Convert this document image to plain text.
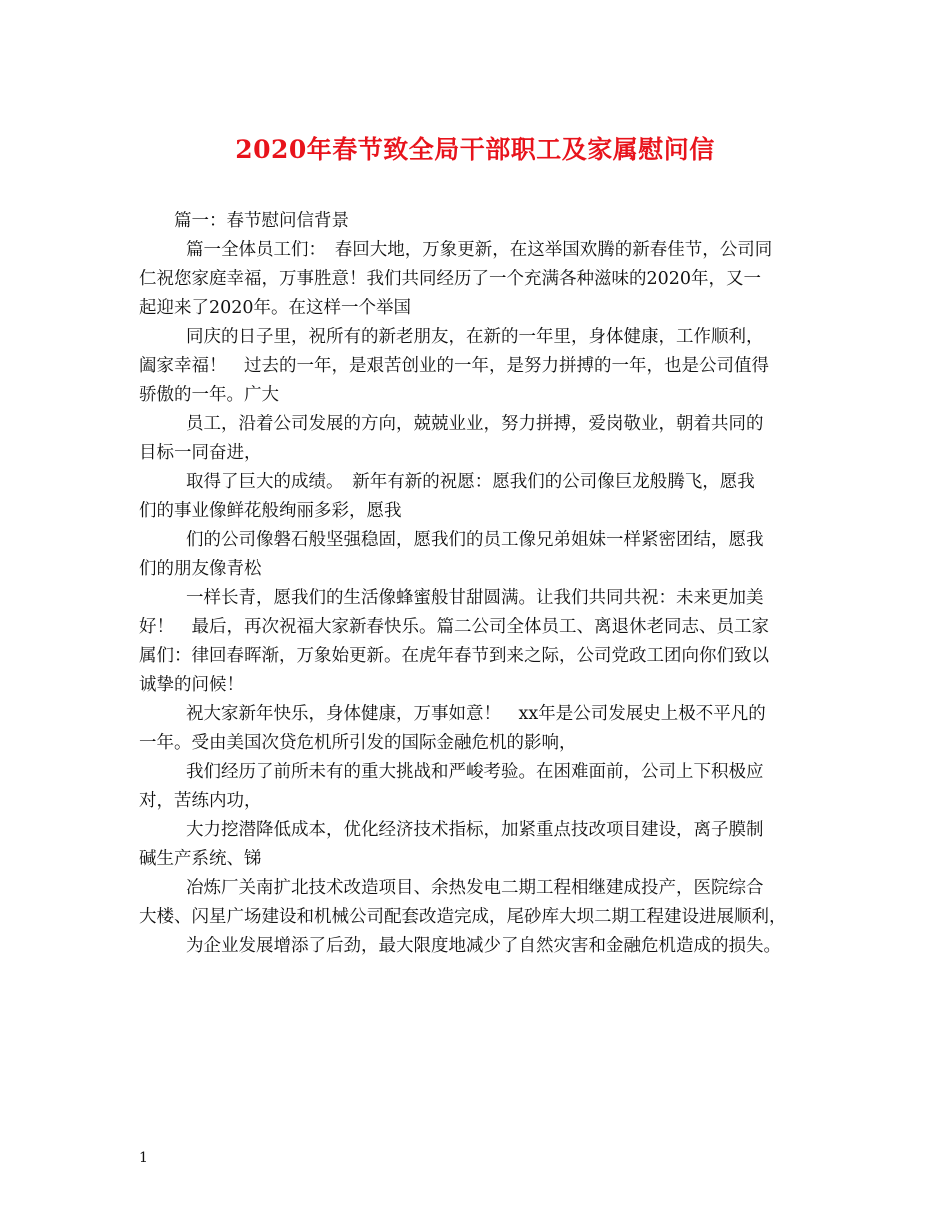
2020年春节致全局干部职工及家属慰问信
篇一：春节慰问信背景
篇一全体员工们：　春回大地，万象更新，在这举国欢腾的新春佳节，公司同
仁祝您家庭幸福，万事胜意！我们共同经历了一个充满各种滋味的2020年，又一
起迎来了2020年。在这样一个举国
同庆的日子里，祝所有的新老朋友，在新的一年里，身体健康，工作顺利，
阖家幸福！　过去的一年，是艰苦创业的一年，是努力拼搏的一年，也是公司值得
骄傲的一年。广大
员工，沿着公司发展的方向，兢兢业业，努力拼搏，爱岗敬业，朝着共同的
目标一同奋进，
取得了巨大的成绩。　新年有新的祝愿：愿我们的公司像巨龙般腾飞，愿我
们的事业像鲜花般绚丽多彩，愿我
们的公司像磐石般坚强稳固，愿我们的员工像兄弟姐妹一样紧密团结，愿我
们的朋友像青松
一样长青，愿我们的生活像蜂蜜般甘甜圆满。让我们共同共祝：未来更加美
好！　最后，再次祝福大家新春快乐。篇二公司全体员工、离退休老同志、员工家
属们：律回春晖渐，万象始更新。在虎年春节到来之际，公司党政工团向你们致以
诚挚的问候！
祝大家新年快乐，身体健康，万事如意！　xx年是公司发展史上极不平凡的
一年。受由美国次贷危机所引发的国际金融危机的影响，
我们经历了前所未有的重大挑战和严峻考验。在困难面前，公司上下积极应
对，苦练内功，
大力挖潜降低成本，优化经济技术指标，加紧重点技改项目建设，离子膜制
碱生产系统、锑
冶炼厂关南扩北技术改造项目、余热发电二期工程相继建成投产，医院综合
大楼、闪星广场建设和机械公司配套改造完成，尾砂库大坝二期工程建设进展顺利，
为企业发展增添了后劲，最大限度地减少了自然灾害和金融危机造成的损失。
1
